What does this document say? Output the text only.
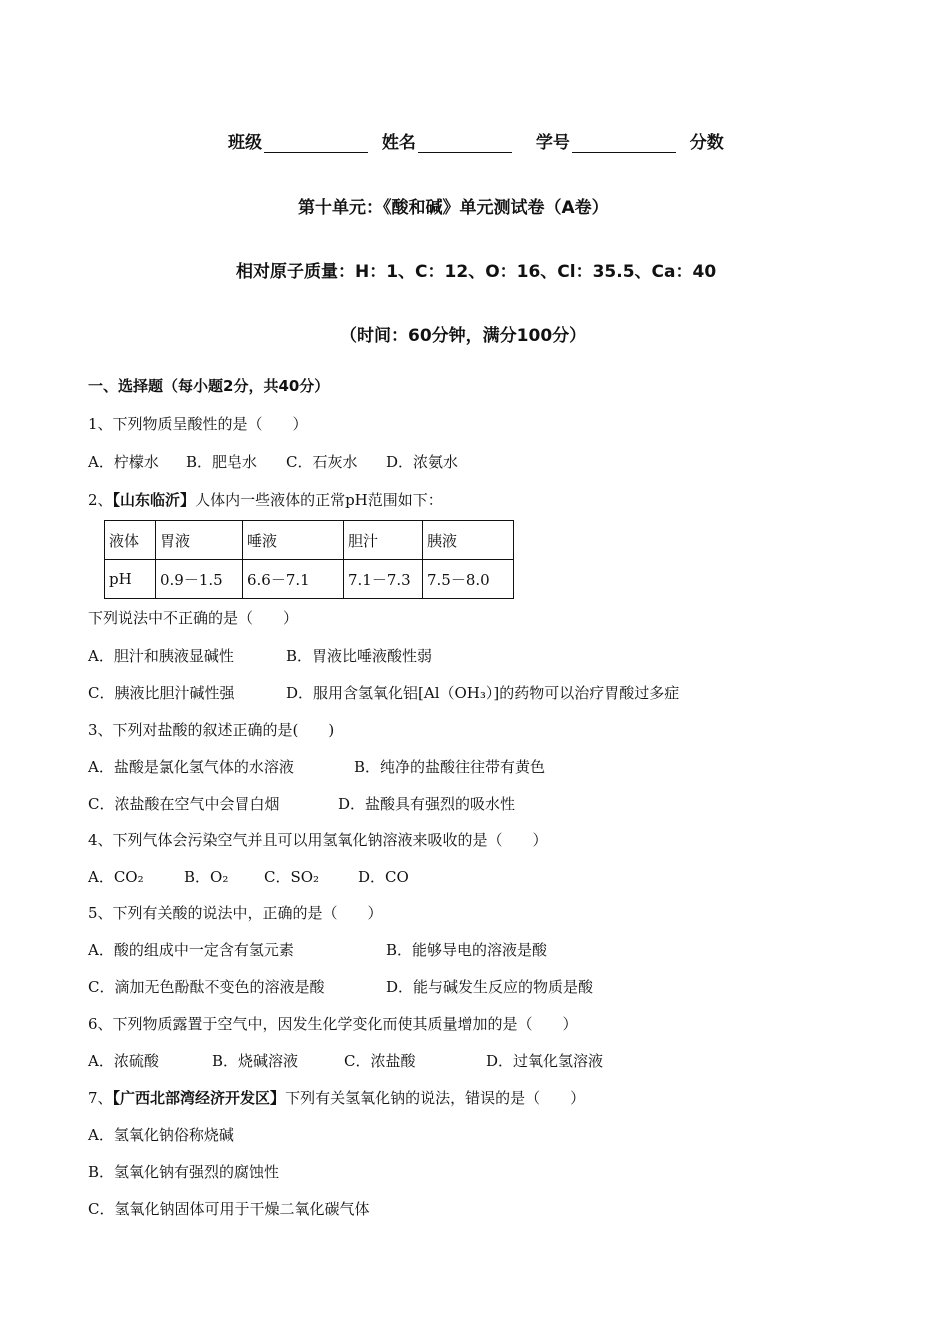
班级	姓名	学号	分数
第十单元：《酸和碱》单元测试卷（A卷）
相对原子质量：H：1、C：12、O：16、Cl：35.5、Ca：40
（时间：60分钟，满分100分）
一、选择题（每小题2分，共40分）
1、下列物质呈酸性的是（　　）
A．柠檬水 B．肥皂水 C．石灰水 D．浓氨水
2、【山东临沂】人体内一些液体的正常pH范围如下：
液体	胃液	唾液	胆汁	胰液
pH	0.9－1.5	6.6－7.1	7.1－7.3	7.5－8.0
下列说法中不正确的是（　　）
A．胆汁和胰液显碱性	B．胃液比唾液酸性弱
C．胰液比胆汁碱性强	D．服用含氢氧化铝[Al（OH₃）]的药物可以治疗胃酸过多症
3、下列对盐酸的叙述正确的是(　　)
A．盐酸是氯化氢气体的水溶液	B．纯净的盐酸往往带有黄色
C．浓盐酸在空气中会冒白烟	D．盐酸具有强烈的吸水性
4、下列气体会污染空气并且可以用氢氧化钠溶液来吸收的是（　　）
A．CO₂	B．O₂ C．SO₂	D．CO
5、下列有关酸的说法中，正确的是（　　）
A．酸的组成中一定含有氢元素	B．能够导电的溶液是酸
C．滴加无色酚酞不变色的溶液是酸	D．能与碱发生反应的物质是酸
6、下列物质露置于空气中，因发生化学变化而使其质量增加的是（　　）
A．浓硫酸	B．烧碱溶液	C．浓盐酸	D．过氧化氢溶液
7、【广西北部湾经济开发区】下列有关氢氧化钠的说法，错误的是（　　）
A．氢氧化钠俗称烧碱
B．氢氧化钠有强烈的腐蚀性
C．氢氧化钠固体可用于干燥二氧化碳气体
